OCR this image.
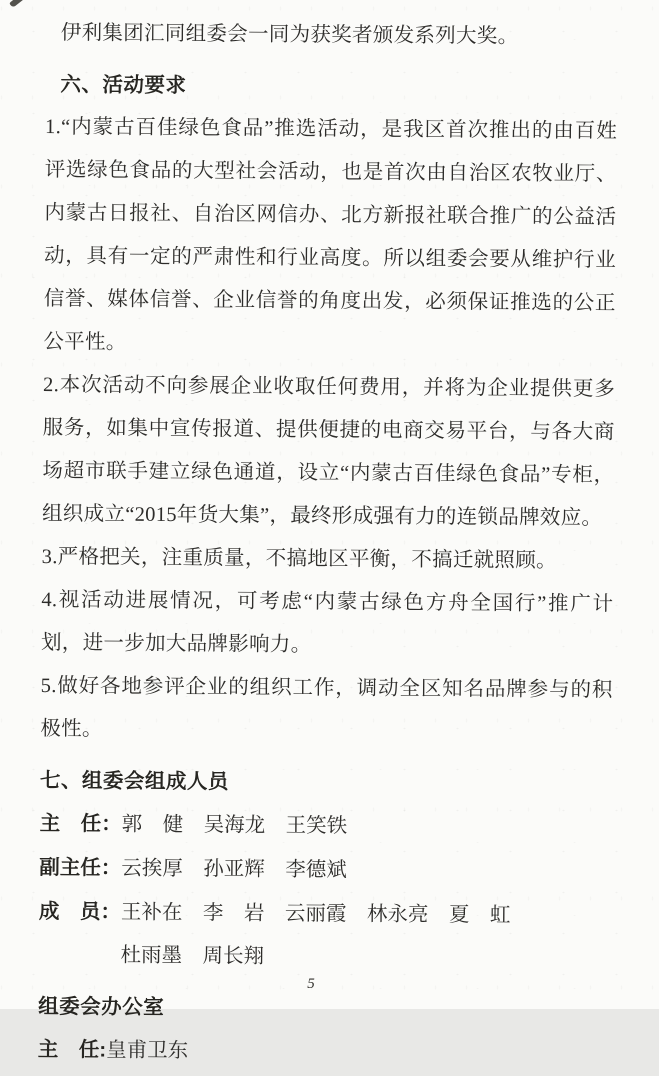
伊利集团汇同组委会一同为获奖者颁发系列大奖。

六、活动要求

1.“内蒙古百佳绿色食品”推选活动，是我区首次推出的由百姓评选绿色食品的大型社会活动，也是首次由自治区农牧业厅、内蒙古日报社、自治区网信办、北方新报社联合推广的公益活动，具有一定的严肃性和行业高度。所以组委会要从维护行业信誉、媒体信誉、企业信誉的角度出发，必须保证推选的公正公平性。

2.本次活动不向参展企业收取任何费用，并将为企业提供更多服务，如集中宣传报道、提供便捷的电商交易平台，与各大商场超市联手建立绿色通道，设立“内蒙古百佳绿色食品”专柜，组织成立“2015年货大集”，最终形成强有力的连锁品牌效应。

3.严格把关，注重质量，不搞地区平衡，不搞迁就照顾。

4.视活动进展情况，可考虑“内蒙古绿色方舟全国行”推广计划，进一步加大品牌影响力。

5.做好各地参评企业的组织工作，调动全区知名品牌参与的积极性。

七、组委会组成人员

主　任：郭　健　吴海龙　王笑铁

副主任：云挨厚　孙亚辉　李德斌

成　员：王补在　李　岩　云丽霞　林永亮　夏　虹

杜雨墨　周长翔

组委会办公室

主　任:皇甫卫东

5
